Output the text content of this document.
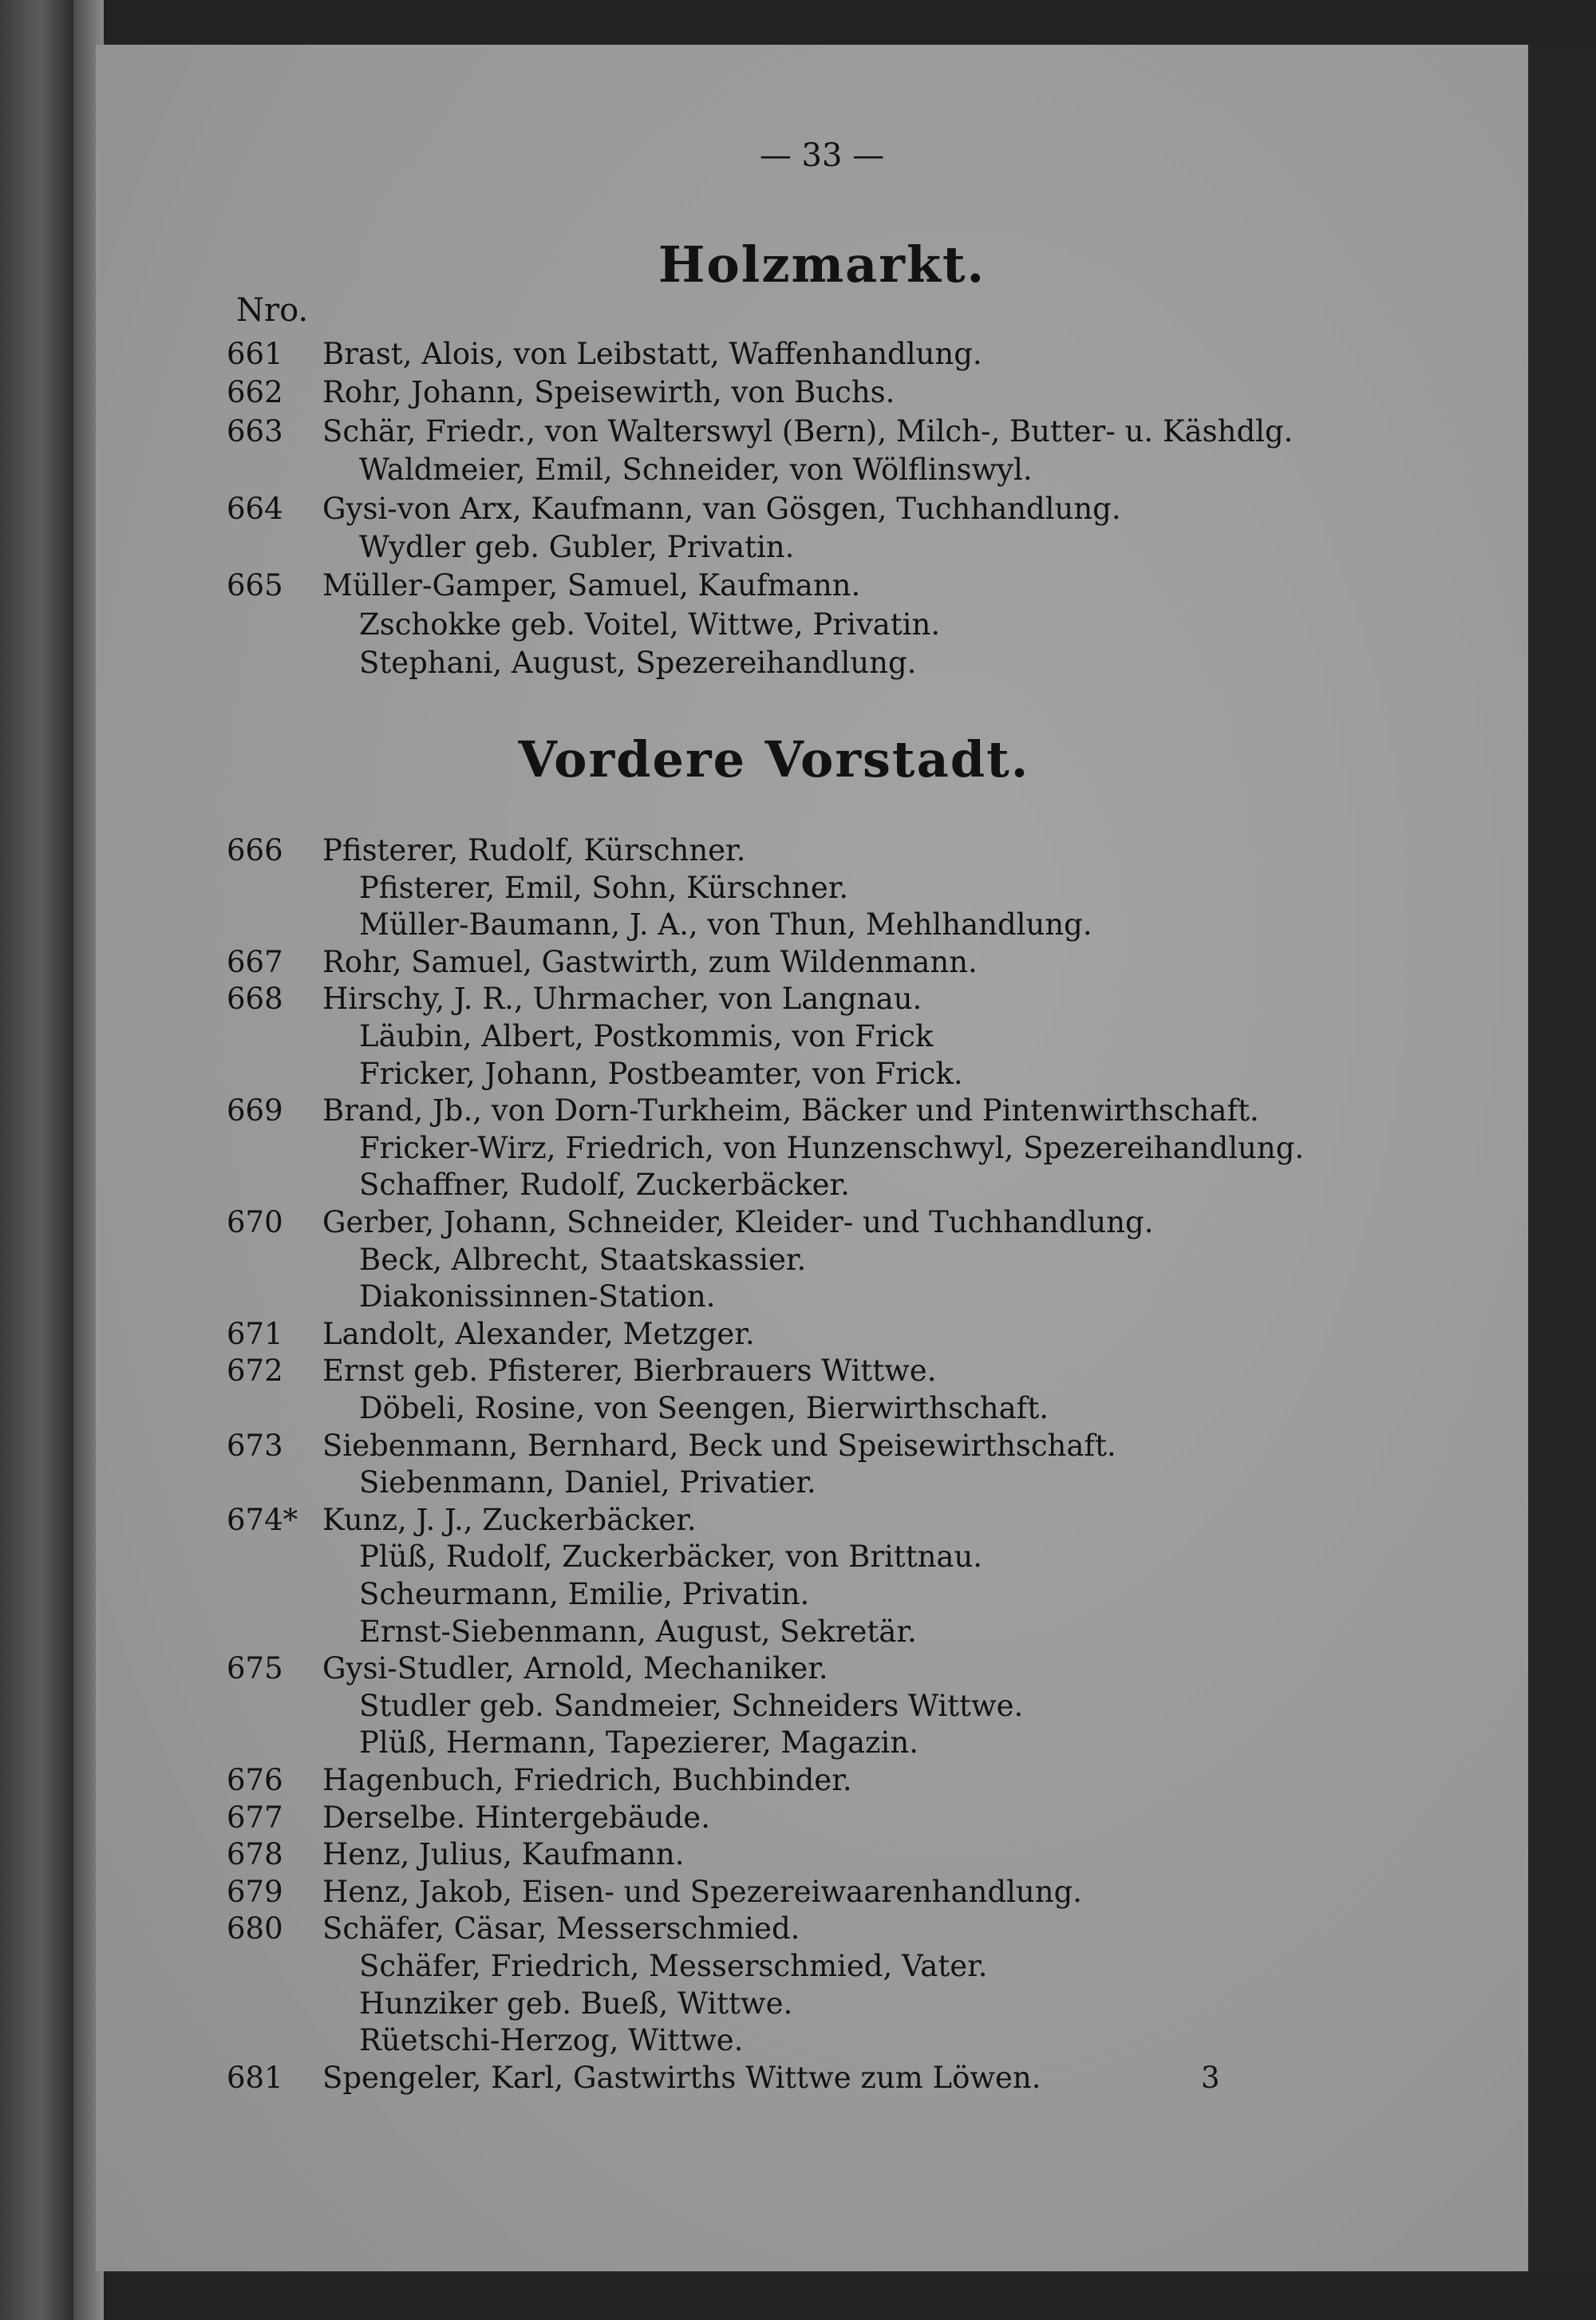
— 33 —
Holzmarkt.
Nro.
661	Brast, Alois, von Leibstatt, Waffenhandlung.
662	Rohr, Johann, Speisewirth, von Buchs.
663	Schär, Friedr., von Walterswyl (Bern), Milch-, Butter- u. Käshdlg.
Waldmeier, Emil, Schneider, von Wölflinswyl.
664	Gysi-von Arx, Kaufmann, van Gösgen, Tuchhandlung.
Wydler geb. Gubler, Privatin.
665	Müller-Gamper, Samuel, Kaufmann.
Zschokke geb. Voitel, Wittwe, Privatin.
Stephani, August, Spezereihandlung.
Vordere Vorstadt.
666	Pfisterer, Rudolf, Kürschner.
Pfisterer, Emil, Sohn, Kürschner.
Müller-Baumann, J. A., von Thun, Mehlhandlung.
667	Rohr, Samuel, Gastwirth, zum Wildenmann.
668	Hirschy, J. R., Uhrmacher, von Langnau.
Läubin, Albert, Postkommis, von Frick
Fricker, Johann, Postbeamter, von Frick.
669	Brand, Jb., von Dorn-Turkheim, Bäcker und Pintenwirthschaft.
Fricker-Wirz, Friedrich, von Hunzenschwyl, Spezereihandlung.
Schaffner, Rudolf, Zuckerbäcker.
670	Gerber, Johann, Schneider, Kleider- und Tuchhandlung.
Beck, Albrecht, Staatskassier.
Diakonissinnen-Station.
671	Landolt, Alexander, Metzger.
672	Ernst geb. Pfisterer, Bierbrauers Wittwe.
Döbeli, Rosine, von Seengen, Bierwirthschaft.
673	Siebenmann, Bernhard, Beck und Speisewirthschaft.
Siebenmann, Daniel, Privatier.
674* Kunz, J. J., Zuckerbäcker.
Plüß, Rudolf, Zuckerbäcker, von Brittnau.
Scheurmann, Emilie, Privatin.
Ernst-Siebenmann, August, Sekretär.
675	Gysi-Studler, Arnold, Mechaniker.
Studler geb. Sandmeier, Schneiders Wittwe.
Plüß, Hermann, Tapezierer, Magazin.
676	Hagenbuch, Friedrich, Buchbinder.
677	Derselbe. Hintergebäude.
678	Henz, Julius, Kaufmann.
679	Henz, Jakob, Eisen- und Spezereiwaarenhandlung.
680	Schäfer, Cäsar, Messerschmied.
Schäfer, Friedrich, Messerschmied, Vater.
Hunziker geb. Bueß, Wittwe.
Rüetschi-Herzog, Wittwe.
681	Spengeler, Karl, Gastwirths Wittwe zum Löwen.	3
